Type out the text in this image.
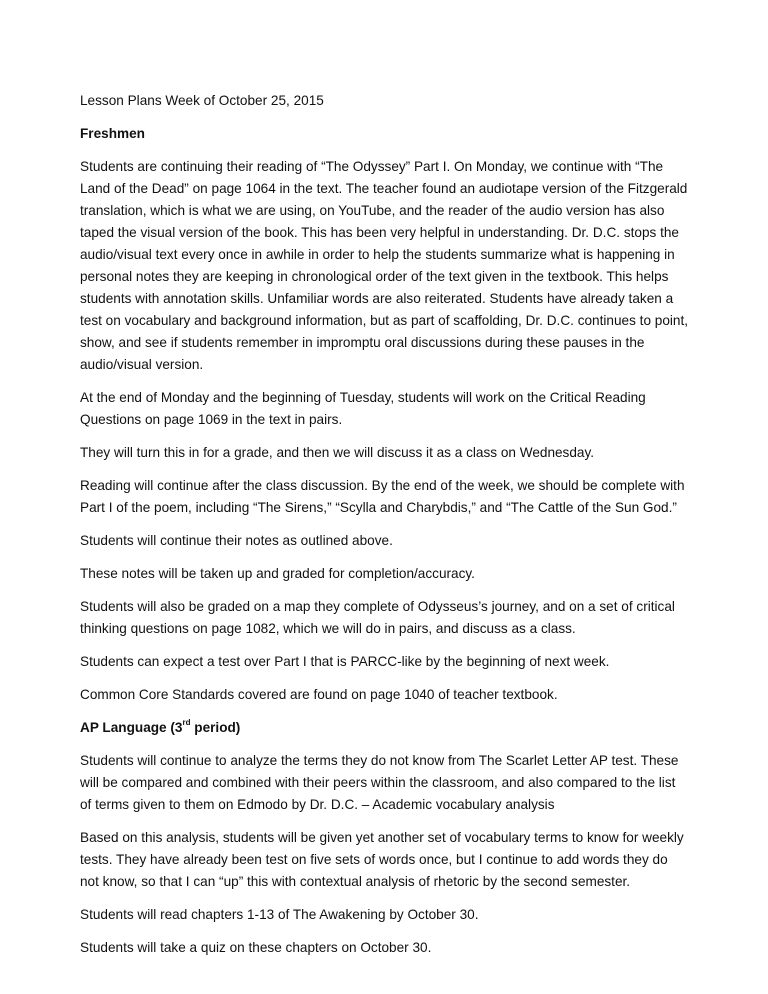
Lesson Plans Week of October 25, 2015

Freshmen

Students are continuing their reading of “The Odyssey” Part I. On Monday, we continue with “The Land of the Dead” on page 1064 in the text. The teacher found an audiotape version of the Fitzgerald translation, which is what we are using, on YouTube, and the reader of the audio version has also taped the visual version of the book. This has been very helpful in understanding. Dr. D.C. stops the audio/visual text every once in awhile in order to help the students summarize what is happening in personal notes they are keeping in chronological order of the text given in the textbook. This helps students with annotation skills. Unfamiliar words are also reiterated. Students have already taken a test on vocabulary and background information, but as part of scaffolding, Dr. D.C. continues to point, show, and see if students remember in impromptu oral discussions during these pauses in the audio/visual version.

At the end of Monday and the beginning of Tuesday, students will work on the Critical Reading Questions on page 1069 in the text in pairs.

They will turn this in for a grade, and then we will discuss it as a class on Wednesday.

Reading will continue after the class discussion. By the end of the week, we should be complete with Part I of the poem, including “The Sirens,” “Scylla and Charybdis,” and “The Cattle of the Sun God.”

Students will continue their notes as outlined above.

These notes will be taken up and graded for completion/accuracy.

Students will also be graded on a map they complete of Odysseus’s journey, and on a set of critical thinking questions on page 1082, which we will do in pairs, and discuss as a class.

Students can expect a test over Part I that is PARCC-like by the beginning of next week.

Common Core Standards covered are found on page 1040 of teacher textbook.

AP Language (3rd period)

Students will continue to analyze the terms they do not know from The Scarlet Letter AP test. These will be compared and combined with their peers within the classroom, and also compared to the list of terms given to them on Edmodo by Dr. D.C. – Academic vocabulary analysis

Based on this analysis, students will be given yet another set of vocabulary terms to know for weekly tests. They have already been test on five sets of words once, but I continue to add words they do not know, so that I can “up” this with contextual analysis of rhetoric by the second semester.

Students will read chapters 1-13 of The Awakening by October 30.

Students will take a quiz on these chapters on October 30.
